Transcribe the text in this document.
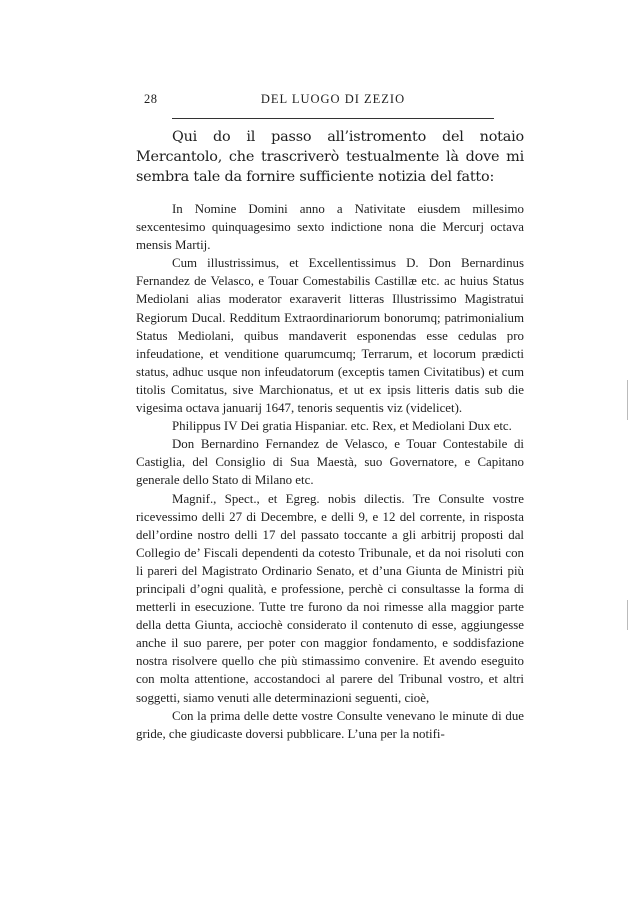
28	DEL LUOGO DI ZEZIO

Qui do il passo all’istromento del notaio Mercantolo, che trascriverò testualmente là dove mi sembra tale da fornire sufficiente notizia del fatto:

In Nomine Domini anno a Nativitate eiusdem millesimo sexcentesimo quinquagesimo sexto indictione nona die Mercurj octava mensis Martij.

Cum illustrissimus, et Excellentissimus D. Don Bernardinus Fernandez de Velasco, e Touar Comestabilis Castillæ etc. ac huius Status Mediolani alias moderator exaraverit litteras Illustrissimo Magistratui Regiorum Ducal. Redditum Extraordinariorum bonorumq; patrimonialium Status Mediolani, quibus mandaverit esponendas esse cedulas pro infeudatione, et venditione quarumcumq; Terrarum, et locorum prædicti status, adhuc usque non infeudatorum (exceptis tamen Civitatibus) et cum titolis Comitatus, sive Marchionatus, et ut ex ipsis litteris datis sub die vigesima octava januarij 1647, tenoris sequentis viz (videlicet).

Philippus IV Dei gratia Hispaniar. etc. Rex, et Mediolani Dux etc.

Don Bernardino Fernandez de Velasco, e Touar Contestabile di Castiglia, del Consiglio di Sua Maestà, suo Governatore, e Capitano generale dello Stato di Milano etc.

Magnif., Spect., et Egreg. nobis dilectis. Tre Consulte vostre ricevessimo delli 27 di Decembre, e delli 9, e 12 del corrente, in risposta dell’ordine nostro delli 17 del passato toccante a gli arbitrij proposti dal Collegio de’ Fiscali dependenti da cotesto Tribunale, et da noi risoluti con li pareri del Magistrato Ordinario Senato, et d’una Giunta de Ministri più principali d’ogni qualità, e professione, perchè ci consultasse la forma di metterli in esecuzione. Tutte tre furono da noi rimesse alla maggior parte della detta Giunta, acciochè considerato il contenuto di esse, aggiungesse anche il suo parere, per poter con maggior fondamento, e soddisfazione nostra risolvere quello che più stimassimo convenire. Et avendo eseguito con molta attentione, accostandoci al parere del Tribunal vostro, et altri soggetti, siamo venuti alle determinazioni seguenti, cioè,

Con la prima delle dette vostre Consulte venevano le minute di due gride, che giudicaste doversi pubblicare. L’una per la notifi-
